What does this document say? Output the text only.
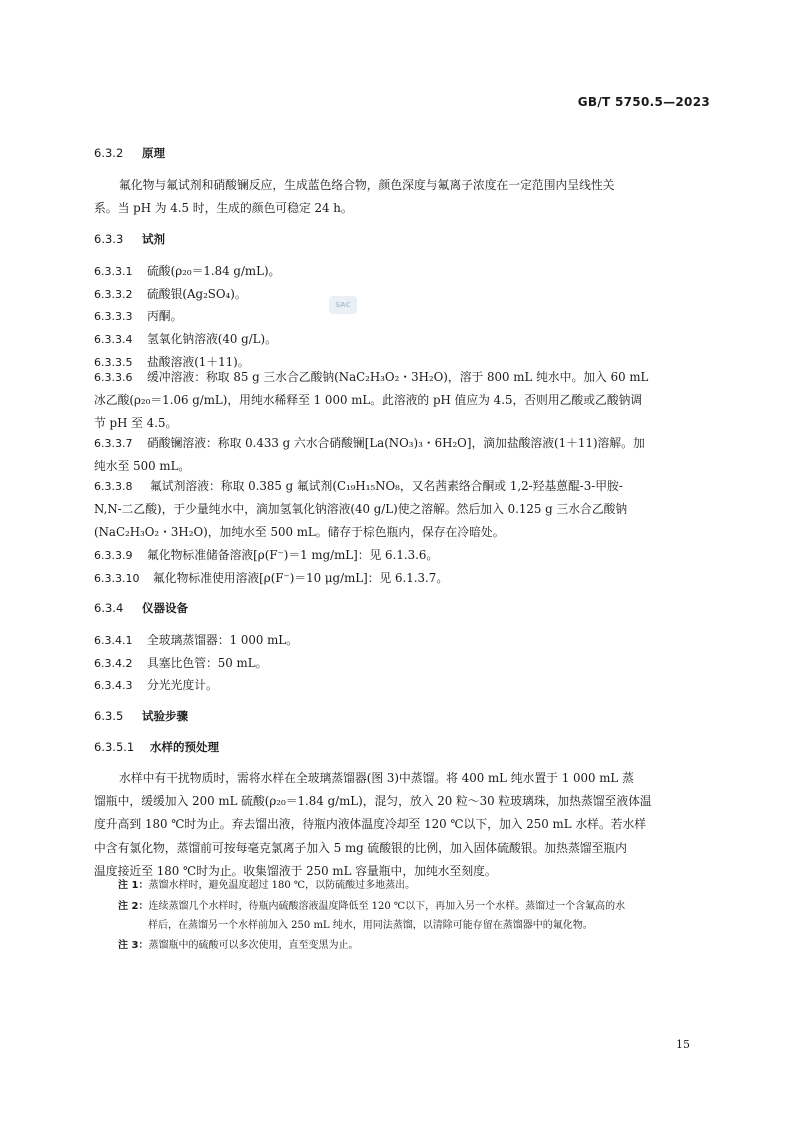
GB/T 5750.5—2023
SAC
6.3.2 原理
氟化物与氟试剂和硝酸镧反应，生成蓝色络合物，颜色深度与氟离子浓度在一定范围内呈线性关
系。当 pH 为 4.5 时，生成的颜色可稳定 24 h。
6.3.3 试剂
6.3.3.1 硫酸(ρ₂₀＝1.84 g/mL)。
6.3.3.2 硫酸银(Ag₂SO₄)。
6.3.3.3 丙酮。
6.3.3.4 氢氧化钠溶液(40 g/L)。
6.3.3.5 盐酸溶液(1＋11)。
6.3.3.6 缓冲溶液：称取 85 g 三水合乙酸钠(NaC₂H₃O₂・3H₂O)，溶于 800 mL 纯水中。加入 60 mL
冰乙酸(ρ₂₀＝1.06 g/mL)，用纯水稀释至 1 000 mL。此溶液的 pH 值应为 4.5，否则用乙酸或乙酸钠调
节 pH 至 4.5。
6.3.3.7 硝酸镧溶液：称取 0.433 g 六水合硝酸镧[La(NO₃)₃・6H₂O]，滴加盐酸溶液(1＋11)溶解。加
纯水至 500 mL。
6.3.3.8 氟试剂溶液：称取 0.385 g 氟试剂(C₁₉H₁₅NO₈，又名茜素络合酮或 1,2-羟基蒽醌-3-甲胺-
N,N-二乙酸)，于少量纯水中，滴加氢氧化钠溶液(40 g/L)使之溶解。然后加入 0.125 g 三水合乙酸钠
(NaC₂H₃O₂・3H₂O)，加纯水至 500 mL。储存于棕色瓶内，保存在冷暗处。
6.3.3.9 氟化物标准储备溶液[ρ(F⁻)＝1 mg/mL]：见 6.1.3.6。
6.3.3.10 氟化物标准使用溶液[ρ(F⁻)＝10 μg/mL]：见 6.1.3.7。
6.3.4 仪器设备
6.3.4.1 全玻璃蒸馏器：1 000 mL。
6.3.4.2 具塞比色管：50 mL。
6.3.4.3 分光光度计。
6.3.5 试验步骤
6.3.5.1 水样的预处理
水样中有干扰物质时，需将水样在全玻璃蒸馏器(图 3)中蒸馏。将 400 mL 纯水置于 1 000 mL 蒸
馏瓶中，缓缓加入 200 mL 硫酸(ρ₂₀＝1.84 g/mL)，混匀，放入 20 粒～30 粒玻璃珠，加热蒸馏至液体温
度升高到 180 ℃时为止。弃去馏出液，待瓶内液体温度冷却至 120 ℃以下，加入 250 mL 水样。若水样
中含有氯化物，蒸馏前可按每毫克氯离子加入 5 mg 硫酸银的比例，加入固体硫酸银。加热蒸馏至瓶内
温度接近至 180 ℃时为止。收集馏液于 250 mL 容量瓶中，加纯水至刻度。
注 1：蒸馏水样时，避免温度超过 180 ℃，以防硫酸过多地蒸出。
注 2：连续蒸馏几个水样时，待瓶内硫酸溶液温度降低至 120 ℃以下，再加入另一个水样。蒸馏过一个含氟高的水
样后，在蒸馏另一个水样前加入 250 mL 纯水，用同法蒸馏，以清除可能存留在蒸馏器中的氟化物。
注 3：蒸馏瓶中的硫酸可以多次使用，直至变黑为止。
15
